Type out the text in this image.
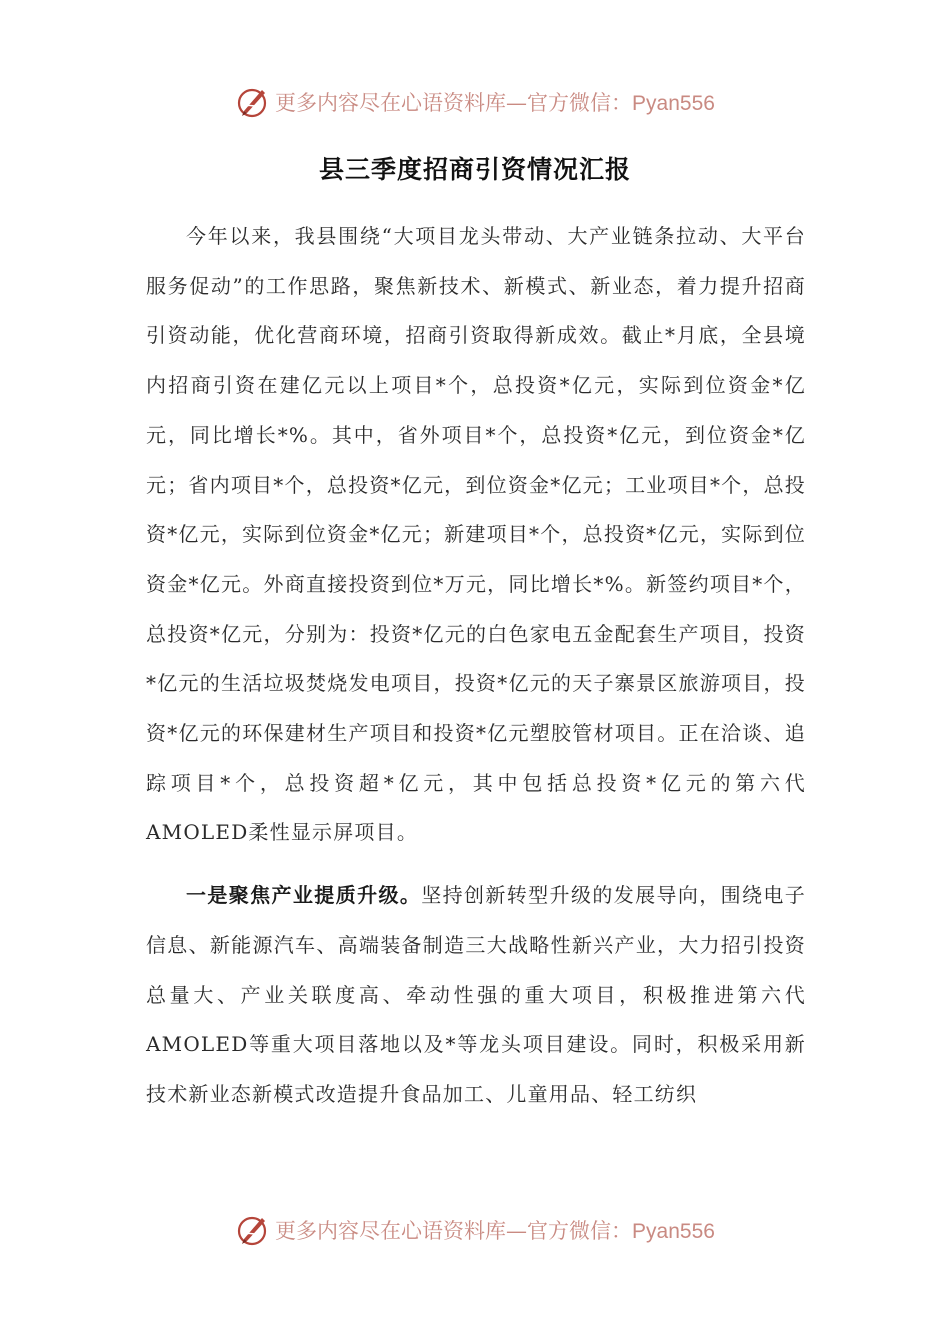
更多内容尽在心语资料库—官方微信：Pyan556
县三季度招商引资情况汇报

今年以来，我县围绕“大项目龙头带动、大产业链条拉动、大平台服务促动”的工作思路，聚焦新技术、新模式、新业态，着力提升招商引资动能，优化营商环境，招商引资取得新成效。截止*月底，全县境内招商引资在建亿元以上项目*个，总投资*亿元，实际到位资金*亿元，同比增长*%。其中，省外项目*个，总投资*亿元，到位资金*亿元；省内项目*个，总投资*亿元，到位资金*亿元；工业项目*个，总投资*亿元，实际到位资金*亿元；新建项目*个，总投资*亿元，实际到位资金*亿元。外商直接投资到位*万元，同比增长*%。新签约项目*个，总投资*亿元，分别为：投资*亿元的白色家电五金配套生产项目，投资*亿元的生活垃圾焚烧发电项目，投资*亿元的天子寨景区旅游项目，投资*亿元的环保建材生产项目和投资*亿元塑胶管材项目。正在洽谈、追踪项目*个，总投资超*亿元，其中包括总投资*亿元的第六代AMOLED柔性显示屏项目。

一是聚焦产业提质升级。坚持创新转型升级的发展导向，围绕电子信息、新能源汽车、高端装备制造三大战略性新兴产业，大力招引投资总量大、产业关联度高、牵动性强的重大项目，积极推进第六代AMOLED等重大项目落地以及*等龙头项目建设。同时，积极采用新技术新业态新模式改造提升食品加工、儿童用品、轻工纺织

更多内容尽在心语资料库—官方微信：Pyan556
